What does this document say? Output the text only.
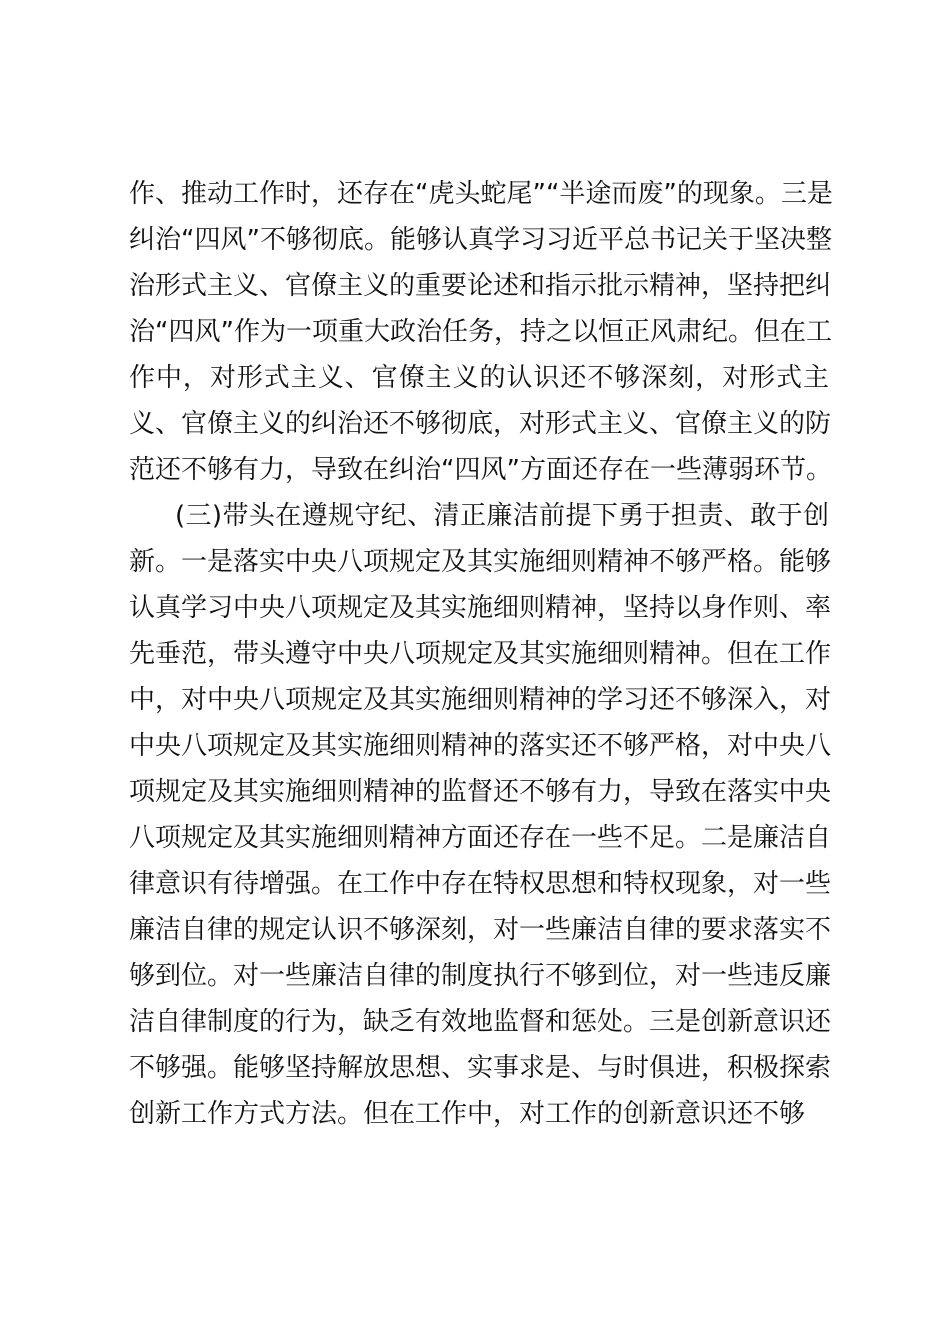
作、推动工作时，还存在“虎头蛇尾”“半途而废”的现象。三是
纠治“四风”不够彻底。能够认真学习习近平总书记关于坚决整
治形式主义、官僚主义的重要论述和指示批示精神，坚持把纠
治“四风”作为一项重大政治任务，持之以恒正风肃纪。但在工
作中，对形式主义、官僚主义的认识还不够深刻，对形式主
义、官僚主义的纠治还不够彻底，对形式主义、官僚主义的防
范还不够有力，导致在纠治“四风”方面还存在一些薄弱环节。
(三)带头在遵规守纪、清正廉洁前提下勇于担责、敢于创
新。一是落实中央八项规定及其实施细则精神不够严格。能够
认真学习中央八项规定及其实施细则精神，坚持以身作则、率
先垂范，带头遵守中央八项规定及其实施细则精神。但在工作
中，对中央八项规定及其实施细则精神的学习还不够深入，对
中央八项规定及其实施细则精神的落实还不够严格，对中央八
项规定及其实施细则精神的监督还不够有力，导致在落实中央
八项规定及其实施细则精神方面还存在一些不足。二是廉洁自
律意识有待增强。在工作中存在特权思想和特权现象，对一些
廉洁自律的规定认识不够深刻，对一些廉洁自律的要求落实不
够到位。对一些廉洁自律的制度执行不够到位，对一些违反廉
洁自律制度的行为，缺乏有效地监督和惩处。三是创新意识还
不够强。能够坚持解放思想、实事求是、与时俱进，积极探索
创新工作方式方法。但在工作中，对工作的创新意识还不够
